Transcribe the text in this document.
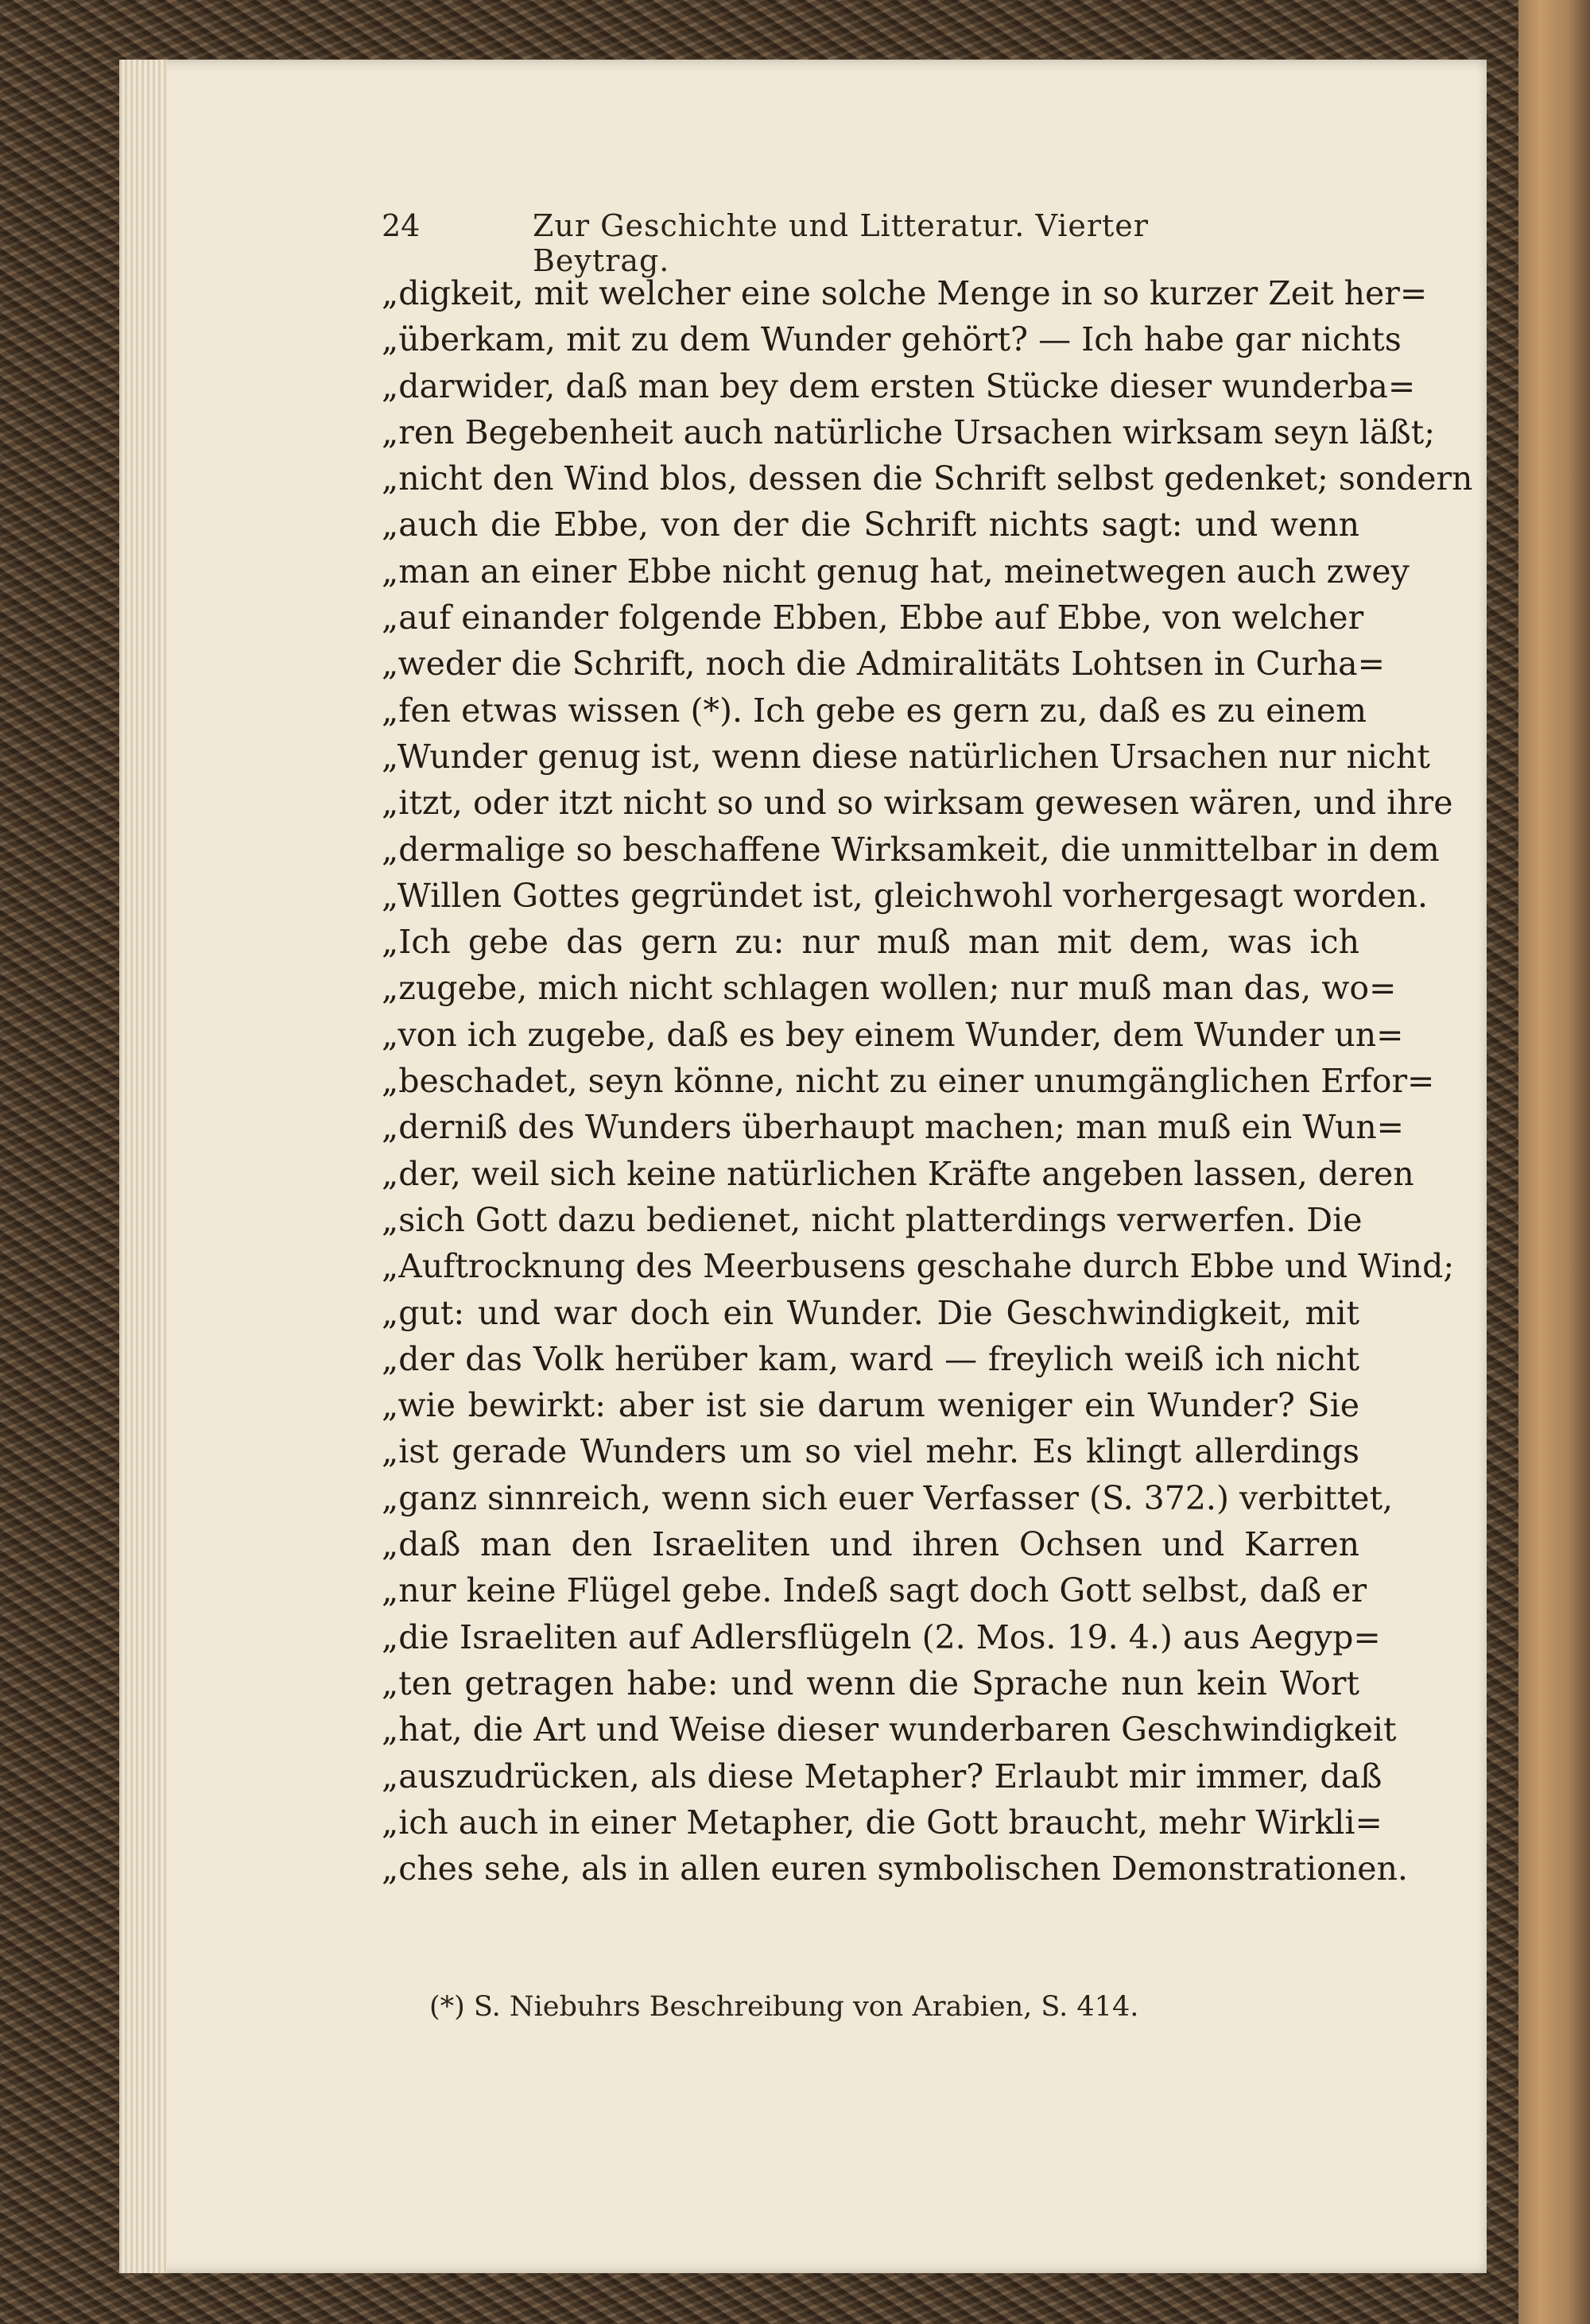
24	Zur Geschichte und Litteratur. Vierter Beytrag.
„digkeit, mit welcher eine solche Menge in so kurzer Zeit her=
„überkam, mit zu dem Wunder gehört? — Ich habe gar nichts
„darwider, daß man bey dem ersten Stücke dieser wunderba=
„ren Begebenheit auch natürliche Ursachen wirksam seyn läßt;
„nicht den Wind blos, dessen die Schrift selbst gedenket; sondern
„auch die Ebbe, von der die Schrift nichts sagt: und wenn
„man an einer Ebbe nicht genug hat, meinetwegen auch zwey
„auf einander folgende Ebben, Ebbe auf Ebbe, von welcher
„weder die Schrift, noch die Admiralitäts Lohtsen in Curha=
„fen etwas wissen (*). Ich gebe es gern zu, daß es zu einem
„Wunder genug ist, wenn diese natürlichen Ursachen nur nicht
„itzt, oder itzt nicht so und so wirksam gewesen wären, und ihre
„dermalige so beschaffene Wirksamkeit, die unmittelbar in dem
„Willen Gottes gegründet ist, gleichwohl vorhergesagt worden.
„Ich gebe das gern zu: nur muß man mit dem, was ich
„zugebe, mich nicht schlagen wollen; nur muß man das, wo=
„von ich zugebe, daß es bey einem Wunder, dem Wunder un=
„beschadet, seyn könne, nicht zu einer unumgänglichen Erfor=
„derniß des Wunders überhaupt machen; man muß ein Wun=
„der, weil sich keine natürlichen Kräfte angeben lassen, deren
„sich Gott dazu bedienet, nicht platterdings verwerfen. Die
„Auftrocknung des Meerbusens geschahe durch Ebbe und Wind;
„gut: und war doch ein Wunder. Die Geschwindigkeit, mit
„der das Volk herüber kam, ward — freylich weiß ich nicht
„wie bewirkt: aber ist sie darum weniger ein Wunder? Sie
„ist gerade Wunders um so viel mehr. Es klingt allerdings
„ganz sinnreich, wenn sich euer Verfasser (S. 372.) verbittet,
„daß man den Israeliten und ihren Ochsen und Karren
„nur keine Flügel gebe. Indeß sagt doch Gott selbst, daß er
„die Israeliten auf Adlersflügeln (2. Mos. 19. 4.) aus Aegyp=
„ten getragen habe: und wenn die Sprache nun kein Wort
„hat, die Art und Weise dieser wunderbaren Geschwindigkeit
„auszudrücken, als diese Metapher? Erlaubt mir immer, daß
„ich auch in einer Metapher, die Gott braucht, mehr Wirkli=
„ches sehe, als in allen euren symbolischen Demonstrationen.
(*) S. Niebuhrs Beschreibung von Arabien, S. 414.
